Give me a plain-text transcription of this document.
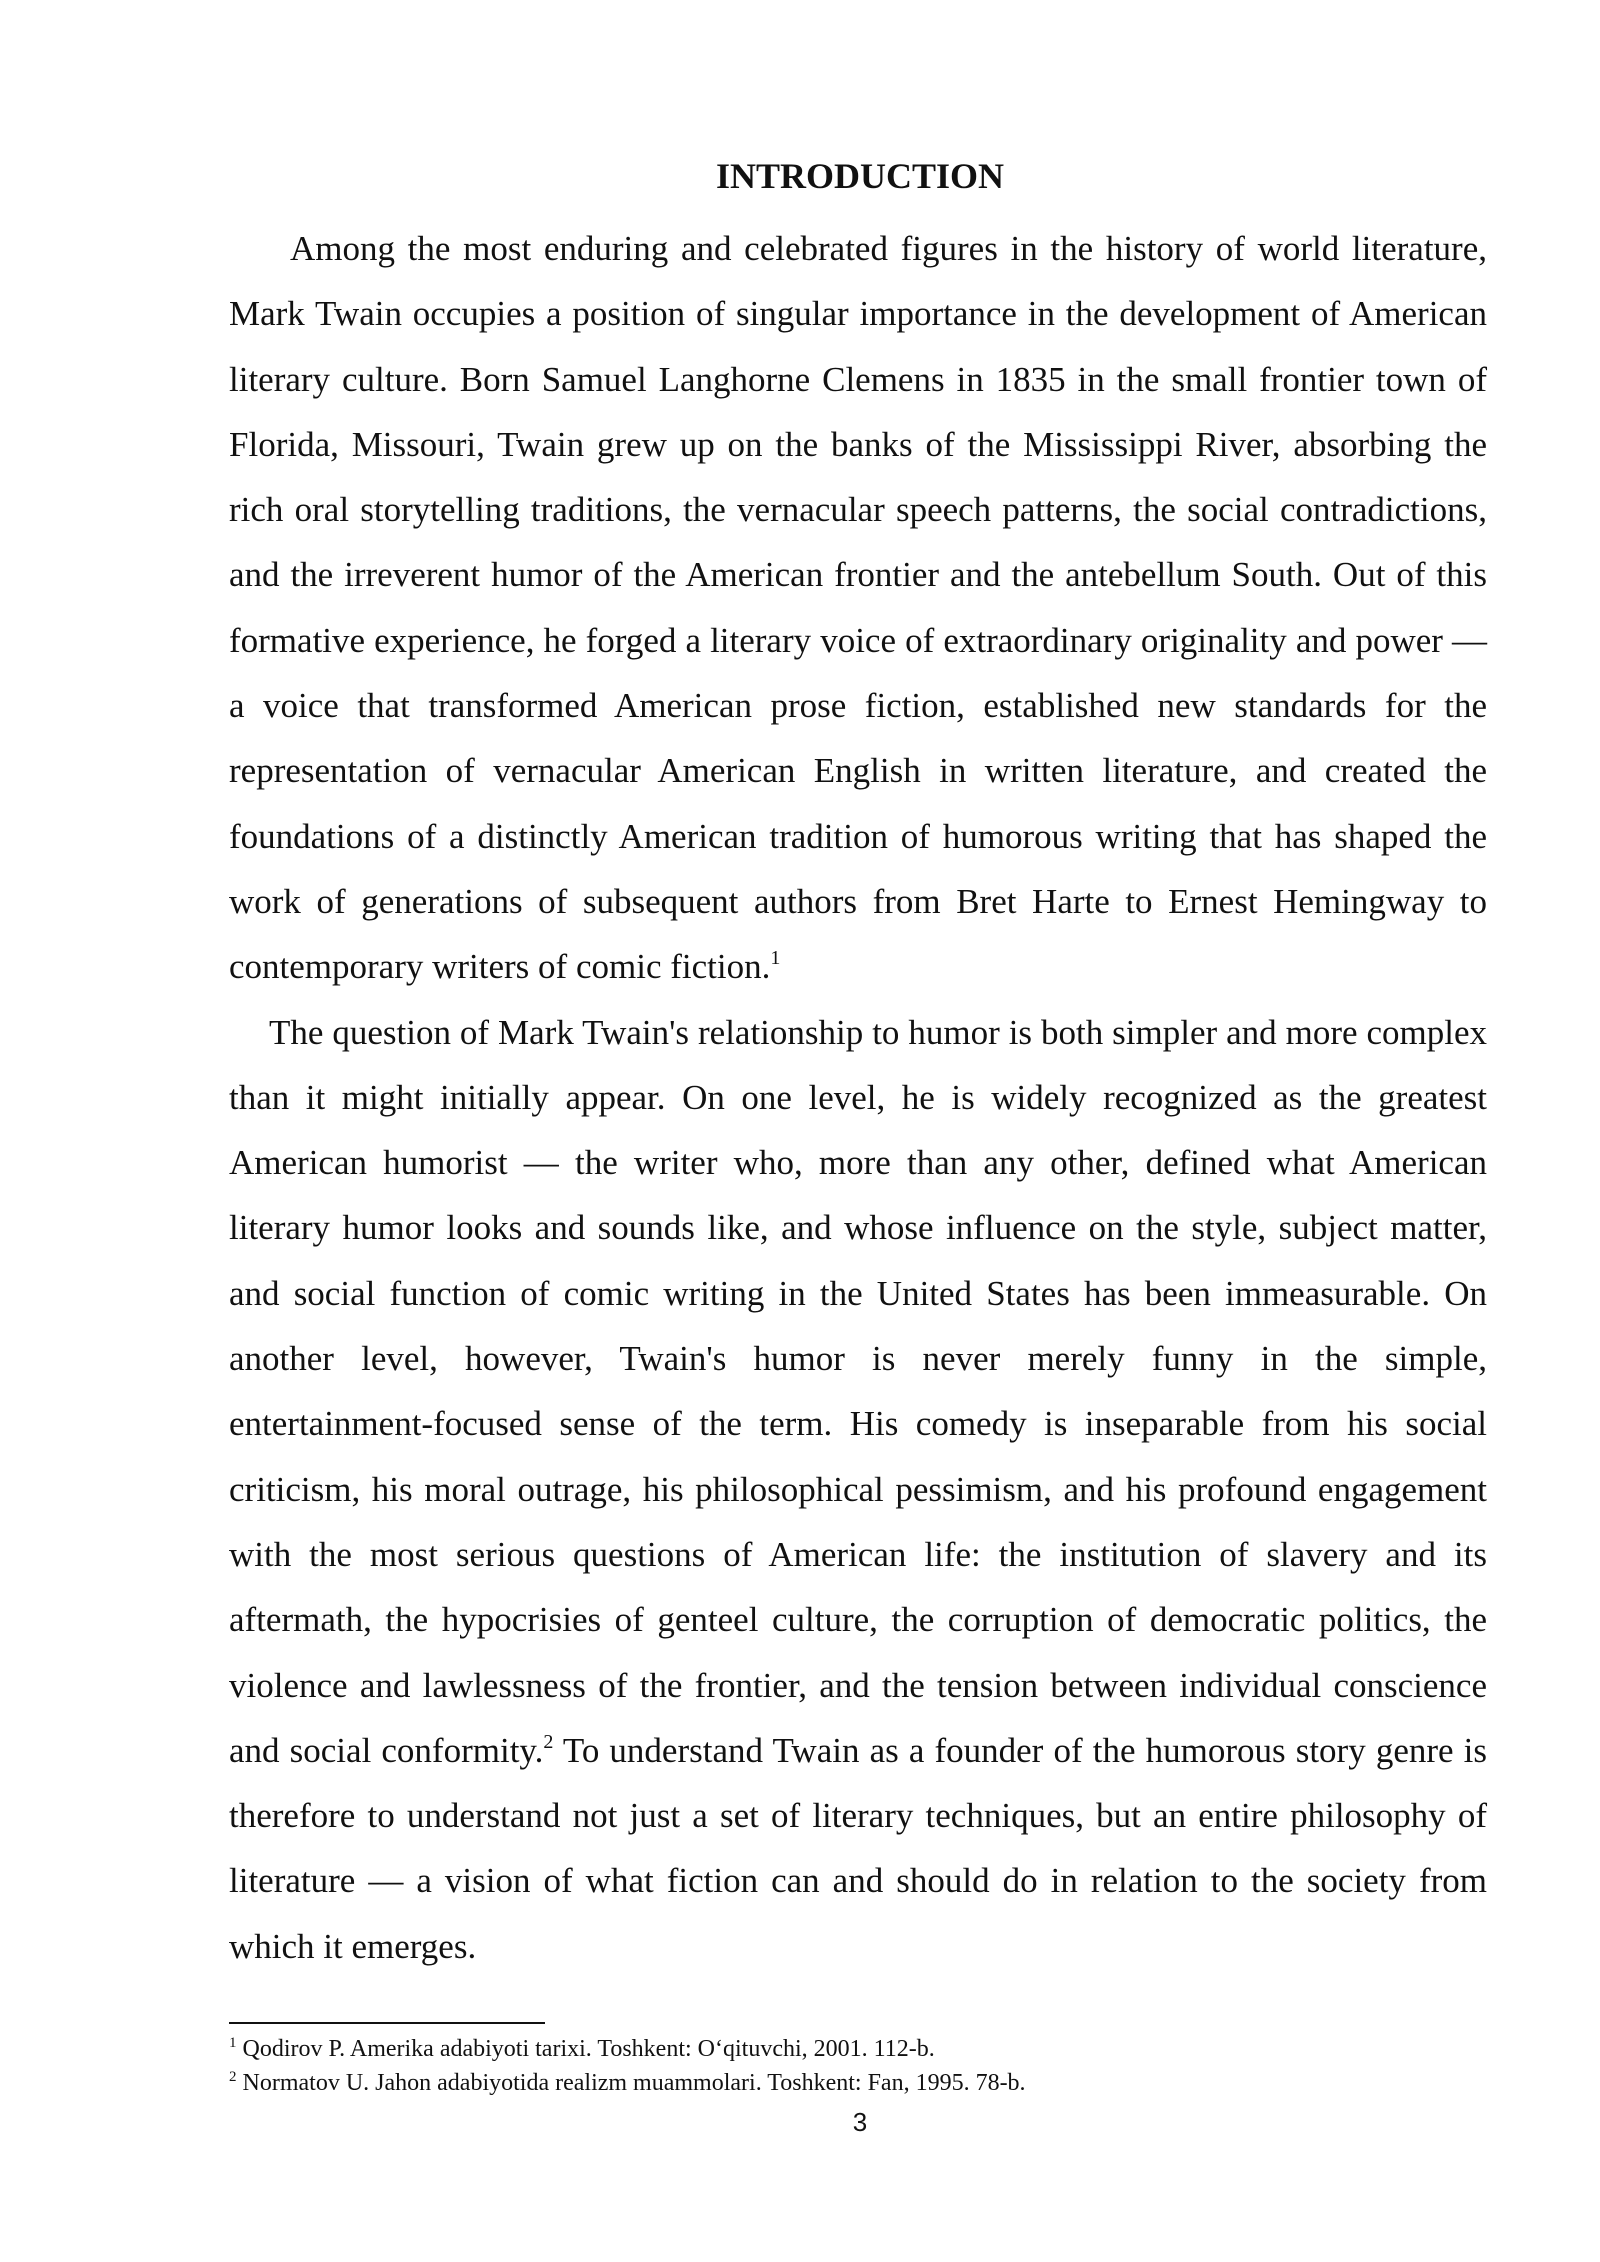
INTRODUCTION

Among the most enduring and celebrated figures in the history of world literature, Mark Twain occupies a position of singular importance in the development of American literary culture. Born Samuel Langhorne Clemens in 1835 in the small frontier town of Florida, Missouri, Twain grew up on the banks of the Mississippi River, absorbing the rich oral storytelling traditions, the vernacular speech patterns, the social contradictions, and the irreverent humor of the American frontier and the antebellum South. Out of this formative experience, he forged a literary voice of extraordinary originality and power — a voice that transformed American prose fiction, established new standards for the representation of vernacular American English in written literature, and created the foundations of a distinctly American tradition of humorous writing that has shaped the work of generations of subsequent authors from Bret Harte to Ernest Hemingway to contemporary writers of comic fiction.$^1$

The question of Mark Twain's relationship to humor is both simpler and more complex than it might initially appear. On one level, he is widely recognized as the greatest American humorist — the writer who, more than any other, defined what American literary humor looks and sounds like, and whose influence on the style, subject matter, and social function of comic writing in the United States has been immeasurable. On another level, however, Twain's humor is never merely funny in the simple, entertainment-focused sense of the term. His comedy is inseparable from his social criticism, his moral outrage, his philosophical pessimism, and his profound engagement with the most serious questions of American life: the institution of slavery and its aftermath, the hypocrisies of genteel culture, the corruption of democratic politics, the violence and lawlessness of the frontier, and the tension between individual conscience and social conformity.$^2$ To understand Twain as a founder of the humorous story genre is therefore to understand not just a set of literary techniques, but an entire philosophy of literature — a vision of what fiction can and should do in relation to the society from which it emerges.

$^1$ Qodirov P. Amerika adabiyoti tarixi. Toshkent: O‘qituvchi, 2001. 112-b.

$^2$ Normatov U. Jahon adabiyotida realizm muammolari. Toshkent: Fan, 1995. 78-b.

3
